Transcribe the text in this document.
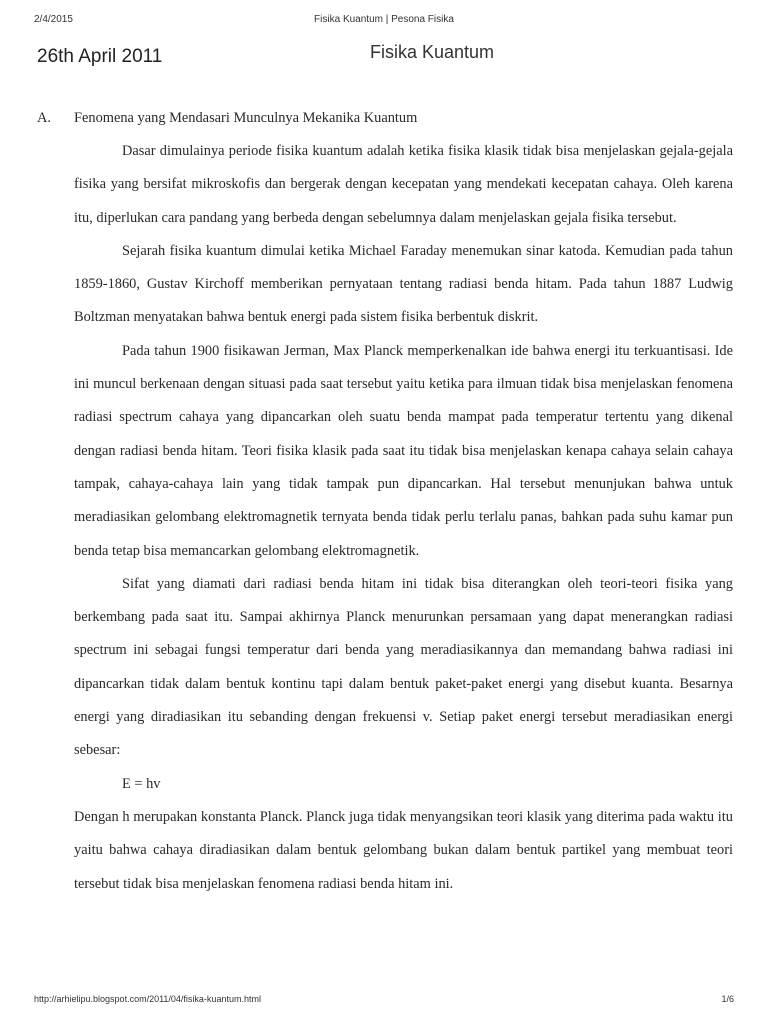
2/4/2015	Fisika Kuantum | Pesona Fisika
26th April 2011	Fisika Kuantum
A.	Fenomena yang Mendasari Munculnya Mekanika Kuantum

Dasar dimulainya periode fisika kuantum adalah ketika fisika klasik tidak bisa menjelaskan gejala-gejala fisika yang bersifat mikroskofis dan bergerak dengan kecepatan yang mendekati kecepatan cahaya. Oleh karena itu, diperlukan cara pandang yang berbeda dengan sebelumnya dalam menjelaskan gejala fisika tersebut.

Sejarah fisika kuantum dimulai ketika Michael Faraday menemukan sinar katoda. Kemudian pada tahun 1859-1860, Gustav Kirchoff memberikan pernyataan tentang radiasi benda hitam. Pada tahun 1887 Ludwig Boltzman menyatakan bahwa bentuk energi pada sistem fisika berbentuk diskrit.

Pada tahun 1900 fisikawan Jerman, Max Planck memperkenalkan ide bahwa energi itu terkuantisasi. Ide ini muncul berkenaan dengan situasi pada saat tersebut yaitu ketika para ilmuan tidak bisa menjelaskan fenomena radiasi spectrum cahaya yang dipancarkan oleh suatu benda mampat pada temperatur tertentu yang dikenal dengan radiasi benda hitam. Teori fisika klasik pada saat itu tidak bisa menjelaskan kenapa cahaya selain cahaya tampak, cahaya-cahaya lain yang tidak tampak pun dipancarkan. Hal tersebut menunjukan bahwa untuk meradiasikan gelombang elektromagnetik ternyata benda tidak perlu terlalu panas, bahkan pada suhu kamar pun benda tetap bisa memancarkan gelombang elektromagnetik.

Sifat yang diamati dari radiasi benda hitam ini tidak bisa diterangkan oleh teori-teori fisika yang berkembang pada saat itu. Sampai akhirnya Planck menurunkan persamaan yang dapat menerangkan radiasi spectrum ini sebagai fungsi temperatur dari benda yang meradiasikannya dan memandang bahwa radiasi ini dipancarkan tidak dalam bentuk kontinu tapi dalam bentuk paket-paket energi yang disebut kuanta. Besarnya energi yang diradiasikan itu sebanding dengan frekuensi v. Setiap paket energi tersebut meradiasikan energi sebesar:

E = hv

Dengan h merupakan konstanta Planck. Planck juga tidak menyangsikan teori klasik yang diterima pada waktu itu yaitu bahwa cahaya diradiasikan dalam bentuk gelombang bukan dalam bentuk partikel yang membuat teori tersebut tidak bisa menjelaskan fenomena radiasi benda hitam ini.

http://arhielipu.blogspot.com/2011/04/fisika-kuantum.html	1/6
